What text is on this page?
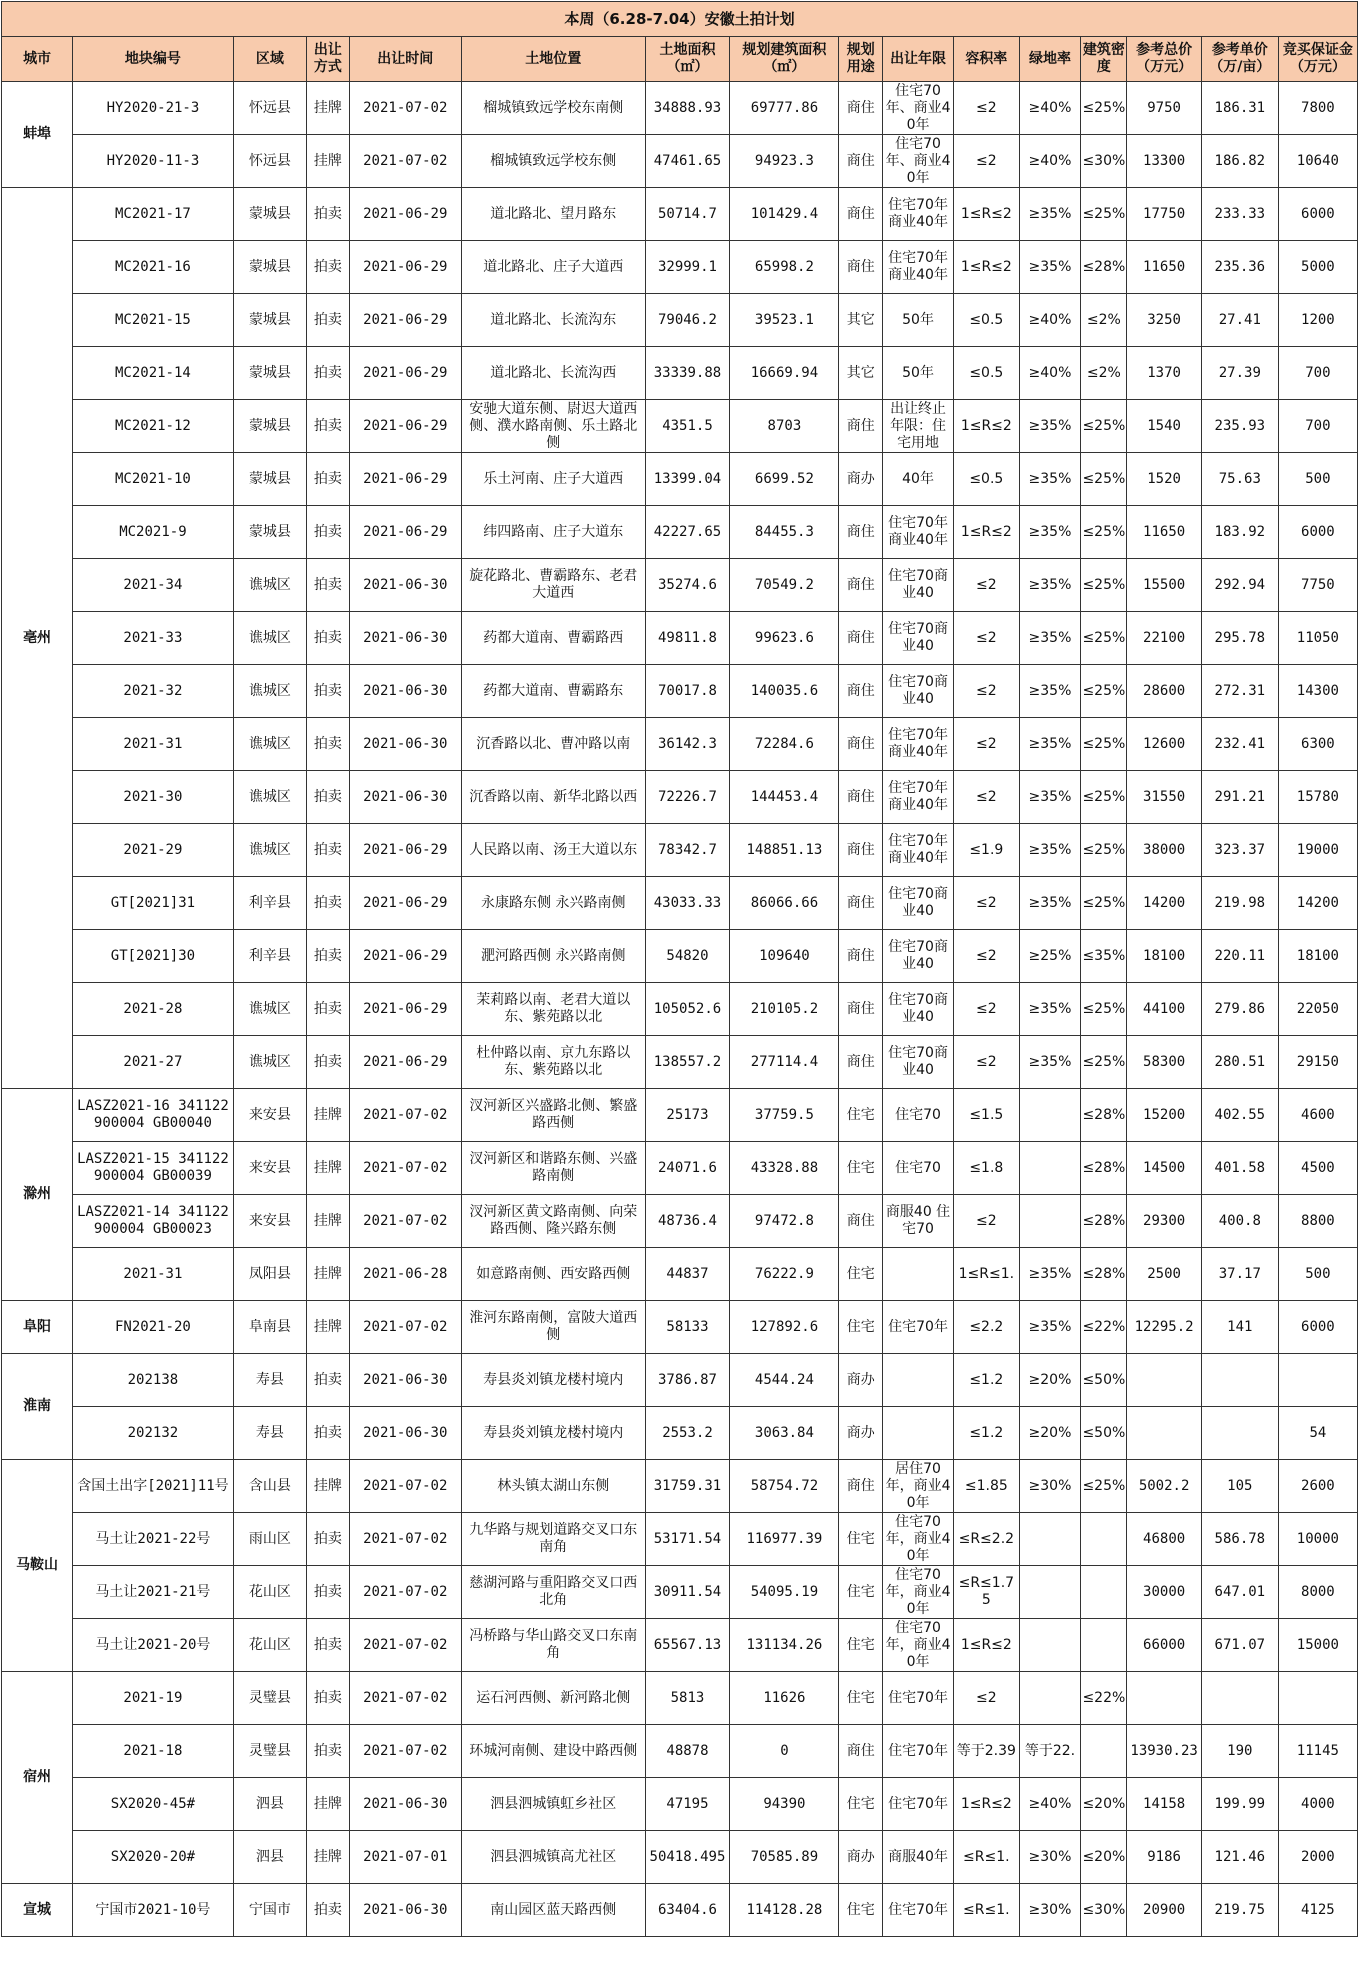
本周（6.28-7.04）安徽土拍计划															
城市	地块编号	区域	出让方式	出让时间	土地位置	土地面积（㎡）	规划建筑面积（㎡）	规划用途	出让年限	容积率	绿地率	建筑密度	参考总价（万元）	参考单价（万/亩）	竞买保证金（万元）
蚌埠	HY2020-21-3	怀远县	挂牌	2021-07-02	榴城镇致远学校东南侧	34888.93	69777.86	商住	住宅70年、商业40年	≤2	≥40%	≤25%	9750	186.31	7800
	HY2020-11-3	怀远县	挂牌	2021-07-02	榴城镇致远学校东侧	47461.65	94923.3	商住	住宅70年、商业40年	≤2	≥40%	≤30%	13300	186.82	10640
亳州	MC2021-17	蒙城县	拍卖	2021-06-29	道北路北、望月路东	50714.7	101429.4	商住	住宅70年商业40年	1≤R≤2	≥35%	≤25%	17750	233.33	6000
	MC2021-16	蒙城县	拍卖	2021-06-29	道北路北、庄子大道西	32999.1	65998.2	商住	住宅70年商业40年	1≤R≤2	≥35%	≤28%	11650	235.36	5000
	MC2021-15	蒙城县	拍卖	2021-06-29	道北路北、长流沟东	79046.2	39523.1	其它	50年	≤0.5	≥40%	≤2%	3250	27.41	1200
	MC2021-14	蒙城县	拍卖	2021-06-29	道北路北、长流沟西	33339.88	16669.94	其它	50年	≤0.5	≥40%	≤2%	1370	27.39	700
	MC2021-12	蒙城县	拍卖	2021-06-29	安驰大道东侧、尉迟大道西侧、濮水路南侧、乐土路北侧	4351.5	8703	商住	出让终止年限：住宅用地	1≤R≤2	≥35%	≤25%	1540	235.93	700
	MC2021-10	蒙城县	拍卖	2021-06-29	乐土河南、庄子大道西	13399.04	6699.52	商办	40年	≤0.5	≥35%	≤25%	1520	75.63	500
	MC2021-9	蒙城县	拍卖	2021-06-29	纬四路南、庄子大道东	42227.65	84455.3	商住	住宅70年商业40年	1≤R≤2	≥35%	≤25%	11650	183.92	6000
	2021-34	谯城区	拍卖	2021-06-30	旋花路北、曹霸路东、老君大道西	35274.6	70549.2	商住	住宅70商业40	≤2	≥35%	≤25%	15500	292.94	7750
	2021-33	谯城区	拍卖	2021-06-30	药都大道南、曹霸路西	49811.8	99623.6	商住	住宅70商业40	≤2	≥35%	≤25%	22100	295.78	11050
	2021-32	谯城区	拍卖	2021-06-30	药都大道南、曹霸路东	70017.8	140035.6	商住	住宅70商业40	≤2	≥35%	≤25%	28600	272.31	14300
	2021-31	谯城区	拍卖	2021-06-30	沉香路以北、曹冲路以南	36142.3	72284.6	商住	住宅70年商业40年	≤2	≥35%	≤25%	12600	232.41	6300
	2021-30	谯城区	拍卖	2021-06-30	沉香路以南、新华北路以西	72226.7	144453.4	商住	住宅70年商业40年	≤2	≥35%	≤25%	31550	291.21	15780
	2021-29	谯城区	拍卖	2021-06-29	人民路以南、汤王大道以东	78342.7	148851.13	商住	住宅70年商业40年	≤1.9	≥35%	≤25%	38000	323.37	19000
	GT[2021]31	利辛县	拍卖	2021-06-29	永康路东侧 永兴路南侧	43033.33	86066.66	商住	住宅70商业40	≤2	≥35%	≤25%	14200	219.98	14200
	GT[2021]30	利辛县	拍卖	2021-06-29	淝河路西侧 永兴路南侧	54820	109640	商住	住宅70商业40	≤2	≥25%	≤35%	18100	220.11	18100
	2021-28	谯城区	拍卖	2021-06-29	茉莉路以南、老君大道以东、紫苑路以北	105052.6	210105.2	商住	住宅70商业40	≤2	≥35%	≤25%	44100	279.86	22050
	2021-27	谯城区	拍卖	2021-06-29	杜仲路以南、京九东路以东、紫苑路以北	138557.2	277114.4	商住	住宅70商业40	≤2	≥35%	≤25%	58300	280.51	29150
滁州	LASZ2021-16 341122900004 GB00040	来安县	挂牌	2021-07-02	汊河新区兴盛路北侧、繁盛路西侧	25173	37759.5	住宅	住宅70	≤1.5		≤28%	15200	402.55	4600
	LASZ2021-15 341122900004 GB00039	来安县	挂牌	2021-07-02	汊河新区和谐路东侧、兴盛路南侧	24071.6	43328.88	住宅	住宅70	≤1.8		≤28%	14500	401.58	4500
	LASZ2021-14 341122900004 GB00023	来安县	挂牌	2021-07-02	汊河新区黄文路南侧、向荣路西侧、隆兴路东侧	48736.4	97472.8	商住	商服40 住宅70	≤2		≤28%	29300	400.8	8800
	2021-31	凤阳县	挂牌	2021-06-28	如意路南侧、西安路西侧	44837	76222.9	住宅		1≤R≤1.	≥35%	≤28%	2500	37.17	500
阜阳	FN2021-20	阜南县	挂牌	2021-07-02	淮河东路南侧，富陂大道西侧	58133	127892.6	住宅	住宅70年	≤2.2	≥35%	≤22%	12295.2	141	6000
淮南	202138	寿县	拍卖	2021-06-30	寿县炎刘镇龙楼村境内	3786.87	4544.24	商办		≤1.2	≥20%	≤50%			
	202132	寿县	拍卖	2021-06-30	寿县炎刘镇龙楼村境内	2553.2	3063.84	商办		≤1.2	≥20%	≤50%			54
马鞍山	含国土出字[2021]11号	含山县	挂牌	2021-07-02	林头镇太湖山东侧	31759.31	58754.72	商住	居住70年，商业40年	≤1.85	≥30%	≤25%	5002.2	105	2600
	马土让2021-22号	雨山区	拍卖	2021-07-02	九华路与规划道路交叉口东南角	53171.54	116977.39	住宅	住宅70年，商业40年	≤R≤2.2			46800	586.78	10000
	马土让2021-21号	花山区	拍卖	2021-07-02	慈湖河路与重阳路交叉口西北角	30911.54	54095.19	住宅	住宅70年，商业40年	≤R≤1.75			30000	647.01	8000
	马土让2021-20号	花山区	拍卖	2021-07-02	冯桥路与华山路交叉口东南角	65567.13	131134.26	住宅	住宅70年，商业40年	1≤R≤2			66000	671.07	15000
宿州	2021-19	灵璧县	拍卖	2021-07-02	运石河西侧、新河路北侧	5813	11626	住宅	住宅70年	≤2		≤22%			
	2021-18	灵璧县	拍卖	2021-07-02	环城河南侧、建设中路西侧	48878	0	商住	住宅70年	等于2.39	等于22.		13930.23	190	11145
	SX2020-45#	泗县	挂牌	2021-06-30	泗县泗城镇虹乡社区	47195	94390	住宅	住宅70年	1≤R≤2	≥40%	≤20%	14158	199.99	4000
	SX2020-20#	泗县	挂牌	2021-07-01	泗县泗城镇高尤社区	50418.495	70585.89	商办	商服40年	≤R≤1.	≥30%	≤20%	9186	121.46	2000
宣城	宁国市2021-10号	宁国市	拍卖	2021-06-30	南山园区蓝天路西侧	63404.6	114128.28	住宅	住宅70年	≤R≤1.	≥30%	≤30%	20900	219.75	4125
